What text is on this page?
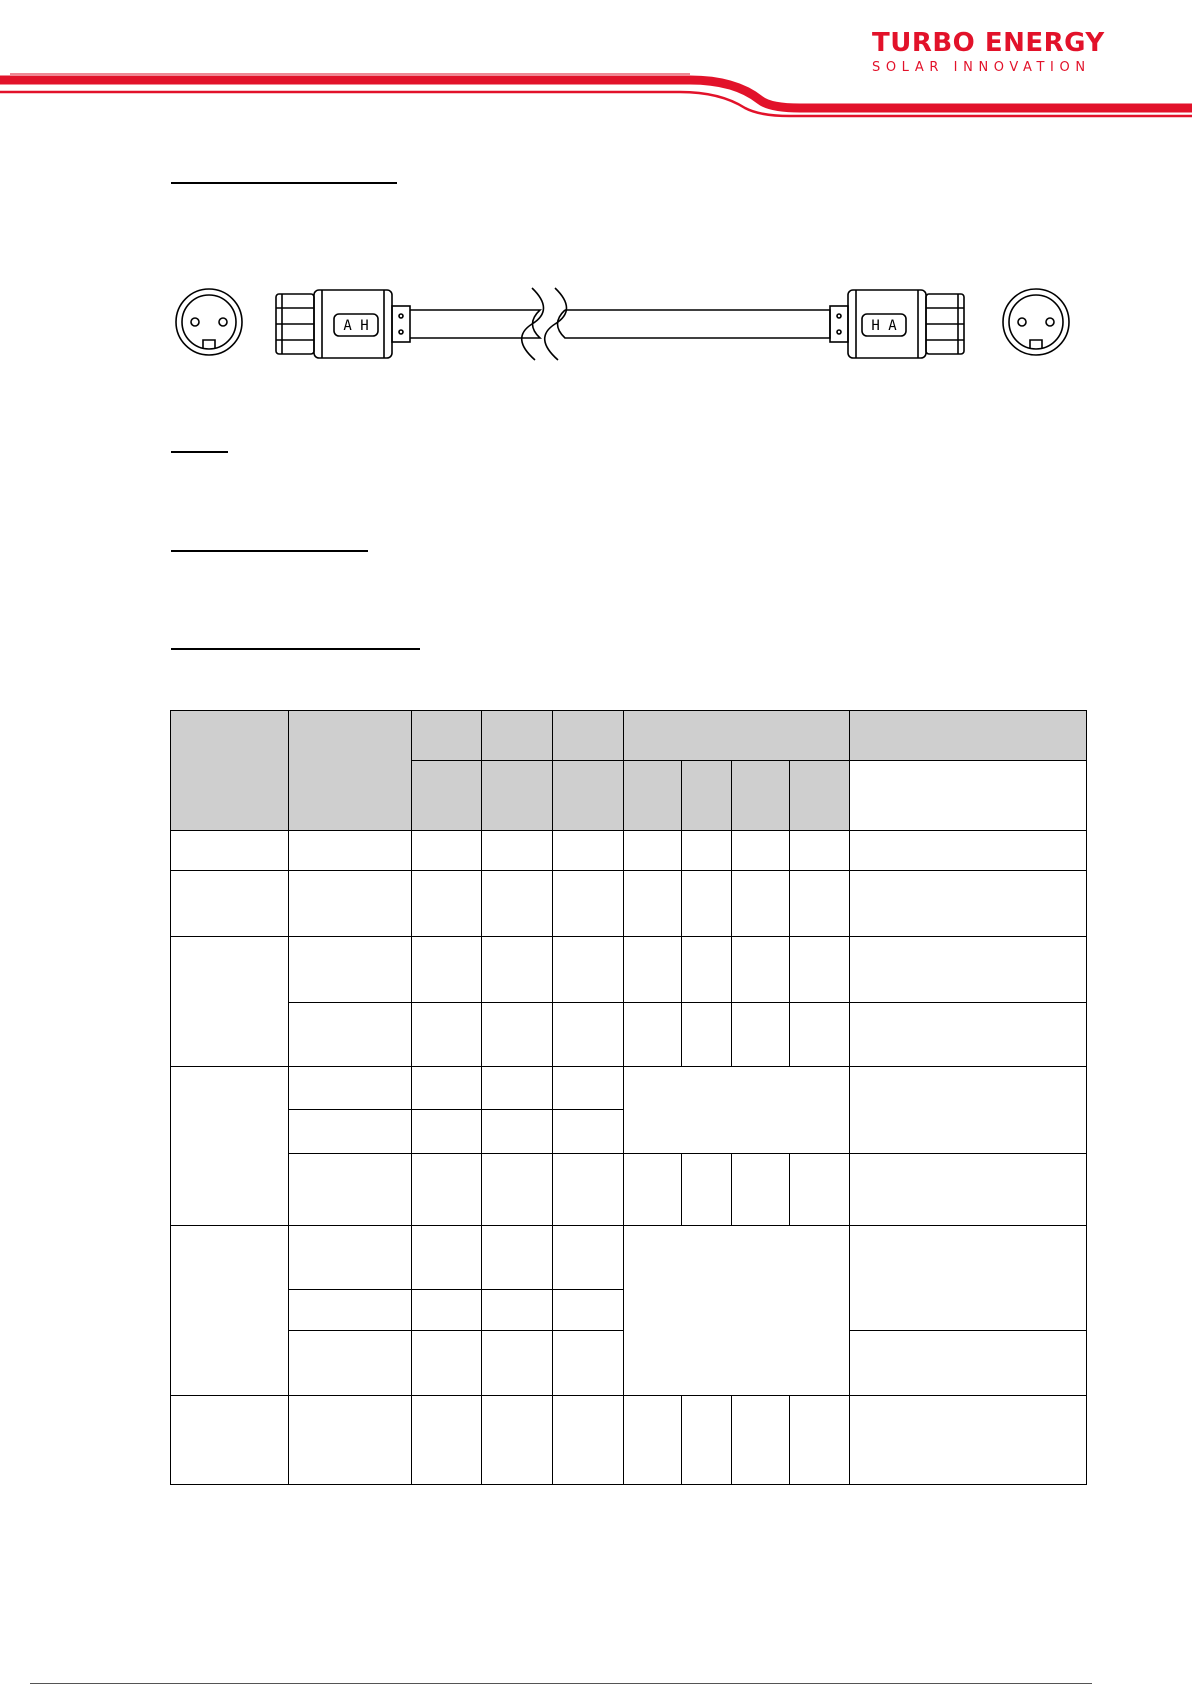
TURBO ENERGY
SOLAR INNOVATION
A H	H A
